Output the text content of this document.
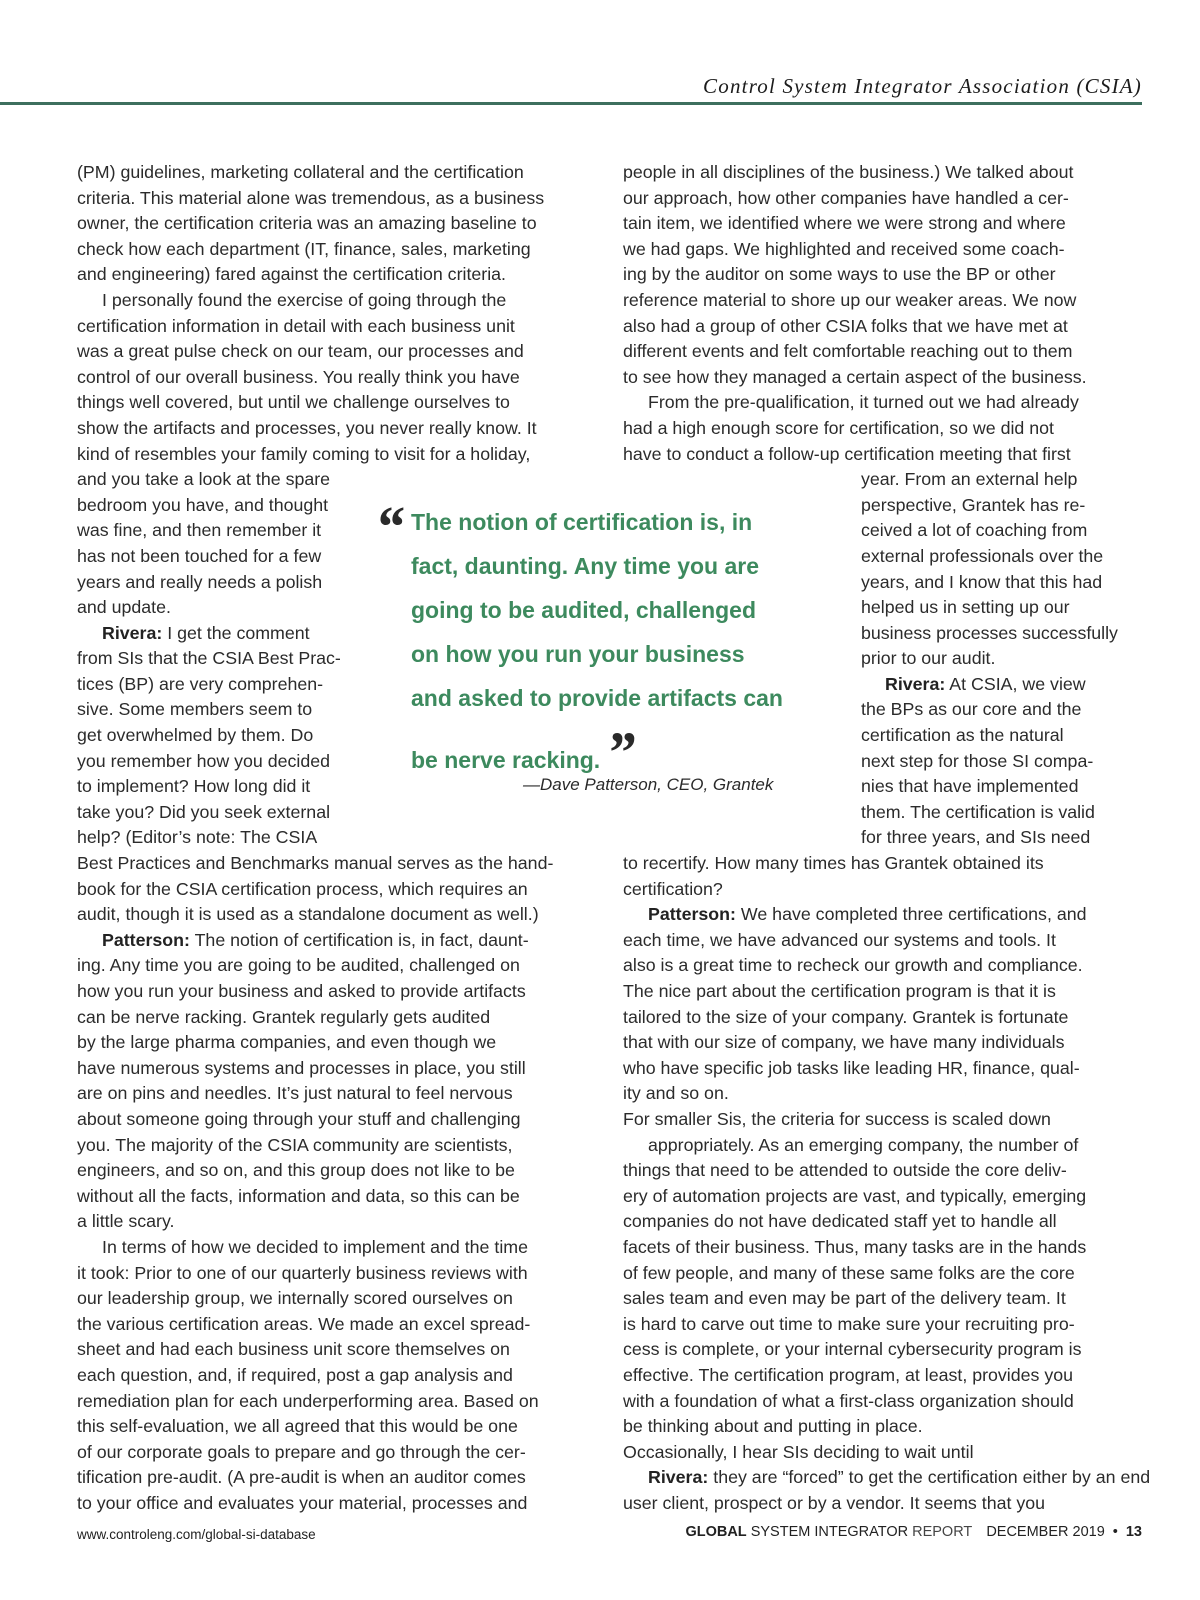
Control System Integrator Association (CSIA)
(PM) guidelines, marketing collateral and the certification
criteria. This material alone was tremendous, as a business
owner, the certification criteria was an amazing baseline to
check how each department (IT, finance, sales, marketing
and engineering) fared against the certification criteria.
I personally found the exercise of going through the
certification information in detail with each business unit
was a great pulse check on our team, our processes and
control of our overall business. You really think you have
things well covered, but until we challenge ourselves to
show the artifacts and processes, you never really know. It
kind of resembles your family coming to visit for a holiday,
and you take a look at the spare
bedroom you have, and thought
was fine, and then remember it
has not been touched for a few
years and really needs a polish
and update.
Rivera: I get the comment
from SIs that the CSIA Best Prac-
tices (BP) are very comprehen-
sive. Some members seem to
get overwhelmed by them. Do
you remember how you decided
to implement? How long did it
take you? Did you seek external
help? (Editor’s note: The CSIA
Best Practices and Benchmarks manual serves as the hand-
book for the CSIA certification process, which requires an
audit, though it is used as a standalone document as well.)
Patterson: The notion of certification is, in fact, daunt-
ing. Any time you are going to be audited, challenged on
how you run your business and asked to provide artifacts
can be nerve racking. Grantek regularly gets audited
by the large pharma companies, and even though we
have numerous systems and processes in place, you still
are on pins and needles. It’s just natural to feel nervous
about someone going through your stuff and challenging
you. The majority of the CSIA community are scientists,
engineers, and so on, and this group does not like to be
without all the facts, information and data, so this can be
a little scary.
In terms of how we decided to implement and the time
it took: Prior to one of our quarterly business reviews with
our leadership group, we internally scored ourselves on
the various certification areas. We made an excel spread-
sheet and had each business unit score themselves on
each question, and, if required, post a gap analysis and
remediation plan for each underperforming area. Based on
this self-evaluation, we all agreed that this would be one
of our corporate goals to prepare and go through the cer-
tification pre-audit. (A pre-audit is when an auditor comes
to your office and evaluates your material, processes and
people in all disciplines of the business.) We talked about
our approach, how other companies have handled a cer-
tain item, we identified where we were strong and where
we had gaps. We highlighted and received some coach-
ing by the auditor on some ways to use the BP or other
reference material to shore up our weaker areas. We now
also had a group of other CSIA folks that we have met at
different events and felt comfortable reaching out to them
to see how they managed a certain aspect of the business.
From the pre-qualification, it turned out we had already
had a high enough score for certification, so we did not
have to conduct a follow-up certification meeting that first
year. From an external help
perspective, Grantek has re-
ceived a lot of coaching from
external professionals over the
years, and I know that this had
helped us in setting up our
business processes successfully
prior to our audit.
Rivera: At CSIA, we view
the BPs as our core and the
certification as the natural
next step for those SI compa-
nies that have implemented
them. The certification is valid
for three years, and SIs need
to recertify. How many times has Grantek obtained its
certification?
Patterson: We have completed three certifications, and
each time, we have advanced our systems and tools. It
also is a great time to recheck our growth and compliance.
The nice part about the certification program is that it is
tailored to the size of your company. Grantek is fortunate
that with our size of company, we have many individuals
who have specific job tasks like leading HR, finance, qual-
ity and so on.
For smaller Sis, the criteria for success is scaled down
appropriately. As an emerging company, the number of
things that need to be attended to outside the core deliv-
ery of automation projects are vast, and typically, emerging
companies do not have dedicated staff yet to handle all
facets of their business. Thus, many tasks are in the hands
of few people, and many of these same folks are the core
sales team and even may be part of the delivery team. It
is hard to carve out time to make sure your recruiting pro-
cess is complete, or your internal cybersecurity program is
effective. The certification program, at least, provides you
with a foundation of what a first-class organization should
be thinking about and putting in place.
Occasionally, I hear SIs deciding to wait until
Rivera: they are “forced” to get the certification either by an end
user client, prospect or by a vendor. It seems that you
“ The notion of certification is, in
fact, daunting. Any time you are
going to be audited, challenged
on how you run your business
and asked to provide artifacts can
be nerve racking. ”
—Dave Patterson, CEO, Grantek
www.controleng.com/global-si-database	GLOBAL SYSTEM INTEGRATOR REPORT DECEMBER 2019 • 13
